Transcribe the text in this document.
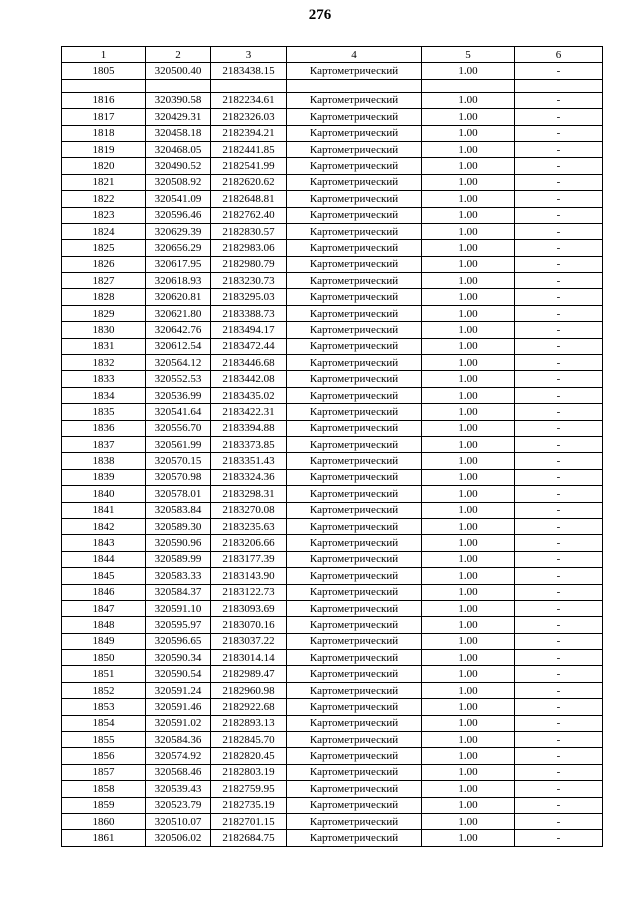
276
1	2	3	4	5	6
1805	320500.40	2183438.15	Картометрический	1.00	-

1816	320390.58	2182234.61	Картометрический	1.00	-
1817	320429.31	2182326.03	Картометрический	1.00	-
1818	320458.18	2182394.21	Картометрический	1.00	-
1819	320468.05	2182441.85	Картометрический	1.00	-
1820	320490.52	2182541.99	Картометрический	1.00	-
1821	320508.92	2182620.62	Картометрический	1.00	-
1822	320541.09	2182648.81	Картометрический	1.00	-
1823	320596.46	2182762.40	Картометрический	1.00	-
1824	320629.39	2182830.57	Картометрический	1.00	-
1825	320656.29	2182983.06	Картометрический	1.00	-
1826	320617.95	2182980.79	Картометрический	1.00	-
1827	320618.93	2183230.73	Картометрический	1.00	-
1828	320620.81	2183295.03	Картометрический	1.00	-
1829	320621.80	2183388.73	Картометрический	1.00	-
1830	320642.76	2183494.17	Картометрический	1.00	-
1831	320612.54	2183472.44	Картометрический	1.00	-
1832	320564.12	2183446.68	Картометрический	1.00	-
1833	320552.53	2183442.08	Картометрический	1.00	-
1834	320536.99	2183435.02	Картометрический	1.00	-
1835	320541.64	2183422.31	Картометрический	1.00	-
1836	320556.70	2183394.88	Картометрический	1.00	-
1837	320561.99	2183373.85	Картометрический	1.00	-
1838	320570.15	2183351.43	Картометрический	1.00	-
1839	320570.98	2183324.36	Картометрический	1.00	-
1840	320578.01	2183298.31	Картометрический	1.00	-
1841	320583.84	2183270.08	Картометрический	1.00	-
1842	320589.30	2183235.63	Картометрический	1.00	-
1843	320590.96	2183206.66	Картометрический	1.00	-
1844	320589.99	2183177.39	Картометрический	1.00	-
1845	320583.33	2183143.90	Картометрический	1.00	-
1846	320584.37	2183122.73	Картометрический	1.00	-
1847	320591.10	2183093.69	Картометрический	1.00	-
1848	320595.97	2183070.16	Картометрический	1.00	-
1849	320596.65	2183037.22	Картометрический	1.00	-
1850	320590.34	2183014.14	Картометрический	1.00	-
1851	320590.54	2182989.47	Картометрический	1.00	-
1852	320591.24	2182960.98	Картометрический	1.00	-
1853	320591.46	2182922.68	Картометрический	1.00	-
1854	320591.02	2182893.13	Картометрический	1.00	-
1855	320584.36	2182845.70	Картометрический	1.00	-
1856	320574.92	2182820.45	Картометрический	1.00	-
1857	320568.46	2182803.19	Картометрический	1.00	-
1858	320539.43	2182759.95	Картометрический	1.00	-
1859	320523.79	2182735.19	Картометрический	1.00	-
1860	320510.07	2182701.15	Картометрический	1.00	-
1861	320506.02	2182684.75	Картометрический	1.00	-
